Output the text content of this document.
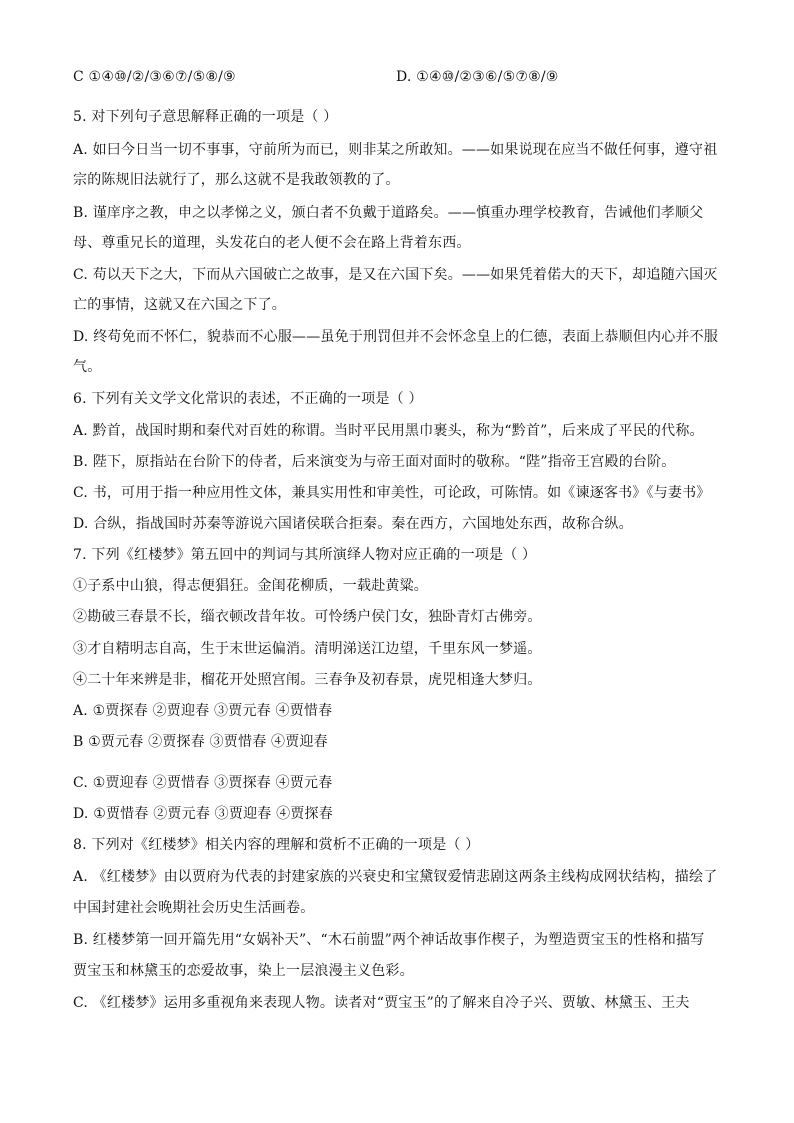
C ①④⑩/②/③⑥⑦/⑤⑧/⑨	D. ①④⑩/②③⑥/⑤⑦⑧/⑨
5. 对下列句子意思解释正确的一项是（ ）
A. 如曰今日当一切不事事，守前所为而已，则非某之所敢知。——如果说现在应当不做任何事，遵守祖
宗的陈规旧法就行了，那么这就不是我敢领教的了。
B. 谨庠序之教，申之以孝悌之义，颁白者不负戴于道路矣。——慎重办理学校教育，告诫他们孝顺父
母、尊重兄长的道理，头发花白的老人便不会在路上背着东西。
C. 苟以天下之大，下而从六国破亡之故事，是又在六国下矣。——如果凭着偌大的天下，却追随六国灭
亡的事情，这就又在六国之下了。
D. 终苟免而不怀仁，貌恭而不心服——虽免于刑罚但并不会怀念皇上的仁德，表面上恭顺但内心并不服
气。
6. 下列有关文学文化常识的表述，不正确的一项是（ ）
A. 黔首，战国时期和秦代对百姓的称谓。当时平民用黑巾裹头，称为“黔首”，后来成了平民的代称。
B. 陛下，原指站在台阶下的侍者，后来演变为与帝王面对面时的敬称。“陛”指帝王宫殿的台阶。
C. 书，可用于指一种应用性文体，兼具实用性和审美性，可论政，可陈情。如《谏逐客书》《与妻书》
D. 合纵，指战国时苏秦等游说六国诸侯联合拒秦。秦在西方，六国地处东西，故称合纵。
7. 下列《红楼梦》第五回中的判词与其所演绎人物对应正确的一项是（ ）
①子系中山狼，得志便猖狂。金闺花柳质，一载赴黄粱。
②勘破三春景不长，缁衣顿改昔年妆。可怜绣户侯门女，独卧青灯古佛旁。
③才自精明志自高，生于末世运偏消。清明涕送江边望，千里东风一梦遥。
④二十年来辨是非，榴花开处照宫闱。三春争及初春景，虎兕相逢大梦归。
A. ①贾探春 ②贾迎春 ③贾元春 ④贾惜春
B ①贾元春 ②贾探春 ③贾惜春 ④贾迎春
C. ①贾迎春 ②贾惜春 ③贾探春 ④贾元春
D. ①贾惜春 ②贾元春 ③贾迎春 ④贾探春
8. 下列对《红楼梦》相关内容的理解和赏析不正确的一项是（ ）
A. 《红楼梦》由以贾府为代表的封建家族的兴衰史和宝黛钗爱情悲剧这两条主线构成网状结构，描绘了
中国封建社会晚期社会历史生活画卷。
B. 红楼梦第一回开篇先用“女娲补天”、“木石前盟”两个神话故事作楔子，为塑造贾宝玉的性格和描写
贾宝玉和林黛玉的恋爱故事，染上一层浪漫主义色彩。
C. 《红楼梦》运用多重视角来表现人物。读者对“贾宝玉”的了解来自冷子兴、贾敏、林黛玉、王夫
